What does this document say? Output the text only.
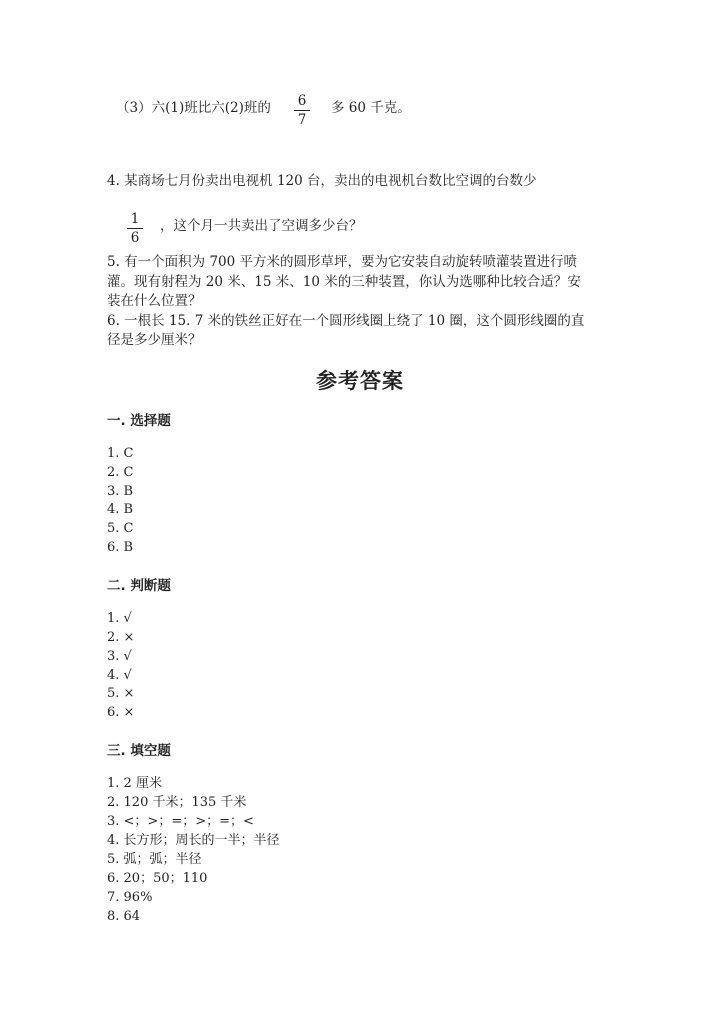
（3）六(1)班比六(2)班的 6
7
多 60 千克。
4. 某商场七月份卖出电视机 120 台，卖出的电视机台数比空调的台数少
1
6
，这个月一共卖出了空调多少台？
5. 有一个面积为 700 平方米的圆形草坪，要为它安装自动旋转喷灌装置进行喷
灌。现有射程为 20 米、15 米、10 米的三种装置，你认为选哪种比较合适？安
装在什么位置？
6. 一根长 15. 7 米的铁丝正好在一个圆形线圈上绕了 10 圈，这个圆形线圈的直
径是多少厘米？
参考答案
一. 选择题
1. C
2. C
3. B
4. B
5. C
6. B
二. 判断题
1. √
2. ×
3. √
4. √
5. ×
6. ×
三. 填空题
1. 2 厘米
2. 120 千米；135 千米
3. <；>；=；>；=；<
4. 长方形；周长的一半；半径
5. 弧；弧；半径
6. 20；50；110
7. 96%
8. 64
